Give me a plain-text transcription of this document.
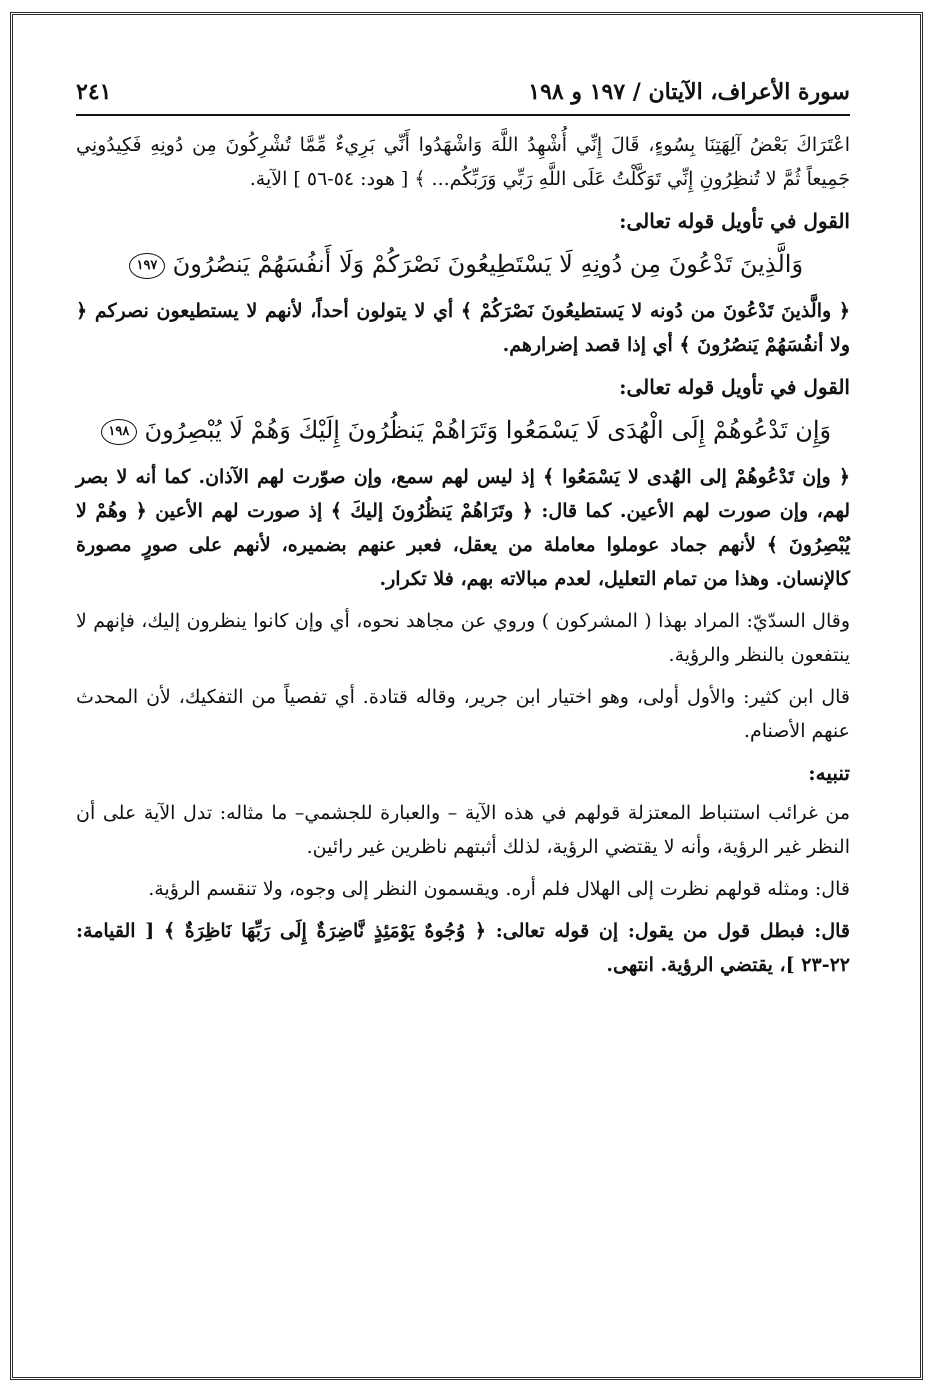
سورة الأعراف، الآيتان / ١٩٧ و ١٩٨
٢٤١

اعْتَرَاكَ بَعْضُ آلِهَتِنَا بِسُوءٍ، قَالَ إِنِّي أُشْهِدُ اللَّهَ وَاشْهَدُوا أَنِّي بَرِيءٌ مِّمَّا تُشْرِكُونَ مِن دُونِهِ فَكِيدُونِي جَمِيعاً ثُمَّ لا تُنظِرُونِ إِنِّي تَوَكَّلْتُ عَلَى اللَّهِ رَبِّي وَرَبِّكُم... ﴾ [ هود: ٥٤-٥٦ ] الآية.

القول في تأويل قوله تعالى:
وَالَّذِينَ تَدْعُونَ مِن دُونِهِ لَا يَسْتَطِيعُونَ نَصْرَكُمْ وَلَا أَنفُسَهُمْ يَنصُرُونَ ١٩٧

﴿ والَّذينَ تَدْعُونَ من دُونه لا يَستطيعُونَ نَصْرَكُمْ ﴾ أي لا يتولون أحداً، لأنهم لا يستطيعون نصركم ﴿ ولا أنفُسَهُمْ يَنصُرُونَ ﴾ أي إذا قصد إضرارهم.

القول في تأويل قوله تعالى:
وَإِن تَدْعُوهُمْ إِلَى الْهُدَى لَا يَسْمَعُوا وَتَرَاهُمْ يَنظُرُونَ إِلَيْكَ وَهُمْ لَا يُبْصِرُونَ ١٩٨

﴿ وإن تَدْعُوهُمْ إلى الهُدى لا يَسْمَعُوا ﴾ إذ ليس لهم سمع، وإن صوّرت لهم الآذان. كما أنه لا بصر لهم، وإن صورت لهم الأعين. كما قال: ﴿ وتَرَاهُمْ يَنظُرُونَ إليكَ ﴾ إذ صورت لهم الأعين ﴿ وهُمْ لا يُبْصِرُونَ ﴾ لأنهم جماد عوملوا معاملة من يعقل، فعبر عنهم بضميره، لأنهم على صورٍ مصورة كالإنسان. وهذا من تمام التعليل، لعدم مبالاته بهم، فلا تكرار.

وقال السدّيّ: المراد بهذا ( المشركون ) وروي عن مجاهد نحوه، أي وإن كانوا ينظرون إليك، فإنهم لا ينتفعون بالنظر والرؤية.

قال ابن كثير: والأول أولى، وهو اختيار ابن جرير، وقاله قتادة. أي تفصياً من التفكيك، لأن المحدث عنهم الأصنام.

تنبيه:

من غرائب استنباط المعتزلة قولهم في هذه الآية – والعبارة للجشمي– ما مثاله: تدل الآية على أن النظر غير الرؤية، وأنه لا يقتضي الرؤية، لذلك أثبتهم ناظرين غير رائين.

قال: ومثله قولهم نظرت إلى الهلال فلم أره. ويقسمون النظر إلى وجوه، ولا تنقسم الرؤية.

قال: فبطل قول من يقول: إن قوله تعالى: ﴿ وُجُوهٌ يَوْمَئِذٍ نَّاضِرَةٌ إِلَى رَبِّهَا نَاظِرَةٌ ﴾ [ القيامة: ٢٢-٢٣ ]، يقتضي الرؤية. انتهى.
